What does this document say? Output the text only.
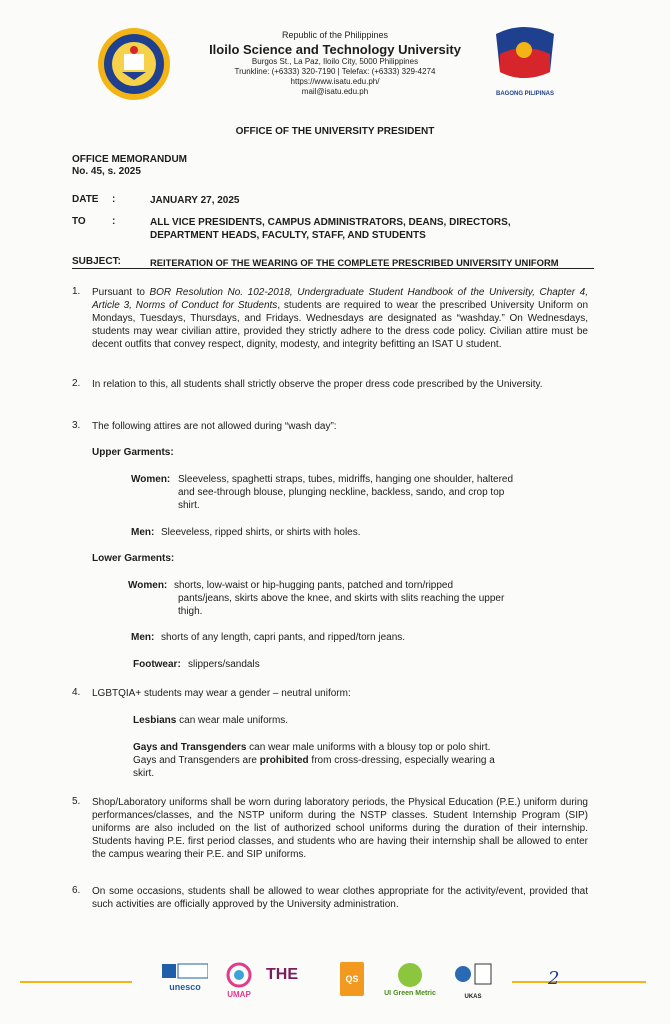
Republic of the Philippines
Iloilo Science and Technology University
Burgos St., La Paz, Iloilo City, 5000 Philippines
Trunkline: (+6333) 320-7190 | Telefax: (+6333) 329-4274
https://www.isatu.edu.ph/
mail@isatu.edu.ph	BAGONG PILIPINAS
OFFICE OF THE UNIVERSITY PRESIDENT
OFFICE MEMORANDUM
No. 45, s. 2025
DATE :	JANUARY 27, 2025
TO	:	ALL VICE PRESIDENTS, CAMPUS ADMINISTRATORS, DEANS, DIRECTORS,
DEPARTMENT HEADS, FACULTY, STAFF, AND STUDENTS
SUBJECT:	REITERATION OF THE WEARING OF THE COMPLETE PRESCRIBED UNIVERSITY UNIFORM
1. Pursuant to BOR Resolution No. 102-2018, Undergraduate Student Handbook of the University, Chapter 4, Article 3, Norms of Conduct for Students, students are required to wear the prescribed University Uniform on Mondays, Tuesdays, Thursdays, and Fridays. Wednesdays are designated as “washday.” On Wednesdays, students may wear civilian attire, provided they strictly adhere to the dress code policy. Civilian attire must be decent outfits that convey respect, dignity, modesty, and integrity befitting an ISAT U student.
2. In relation to this, all students shall strictly observe the proper dress code prescribed by the University.
3. The following attires are not allowed during “wash day”:
Upper Garments:
Women: Sleeveless, spaghetti straps, tubes, midriffs, hanging one shoulder, haltered
and see-through blouse, plunging neckline, backless, sando, and crop top
shirt.
Men: Sleeveless, ripped shirts, or shirts with holes.
Lower Garments:
Women: shorts, low-waist or hip-hugging pants, patched and torn/ripped
pants/jeans, skirts above the knee, and skirts with slits reaching the upper
thigh.
Men: shorts of any length, capri pants, and ripped/torn jeans.
Footwear: slippers/sandals
4. LGBTQIA+ students may wear a gender – neutral uniform:
Lesbians can wear male uniforms.
Gays and Transgenders can wear male uniforms with a blousy top or polo shirt.
Gays and Transgenders are prohibited from cross-dressing, especially wearing a
skirt.
5. Shop/Laboratory uniforms shall be worn during laboratory periods, the Physical Education (P.E.) uniform during performances/classes, and the NSTP uniform during the NSTP classes. Student Internship Program (SIP) uniforms are also included on the list of authorized school uniforms during the duration of their internship. Students having P.E. first period classes, and students who are having their internship shall be allowed to enter the campus wearing their P.E. and SIP uniforms.
6. On some occasions, students shall be allowed to wear clothes appropriate for the activity/event, provided that such activities are officially approved by the University administration.
unesco
UMAP
THE	QS
UI Green Metric	UKAS
2
